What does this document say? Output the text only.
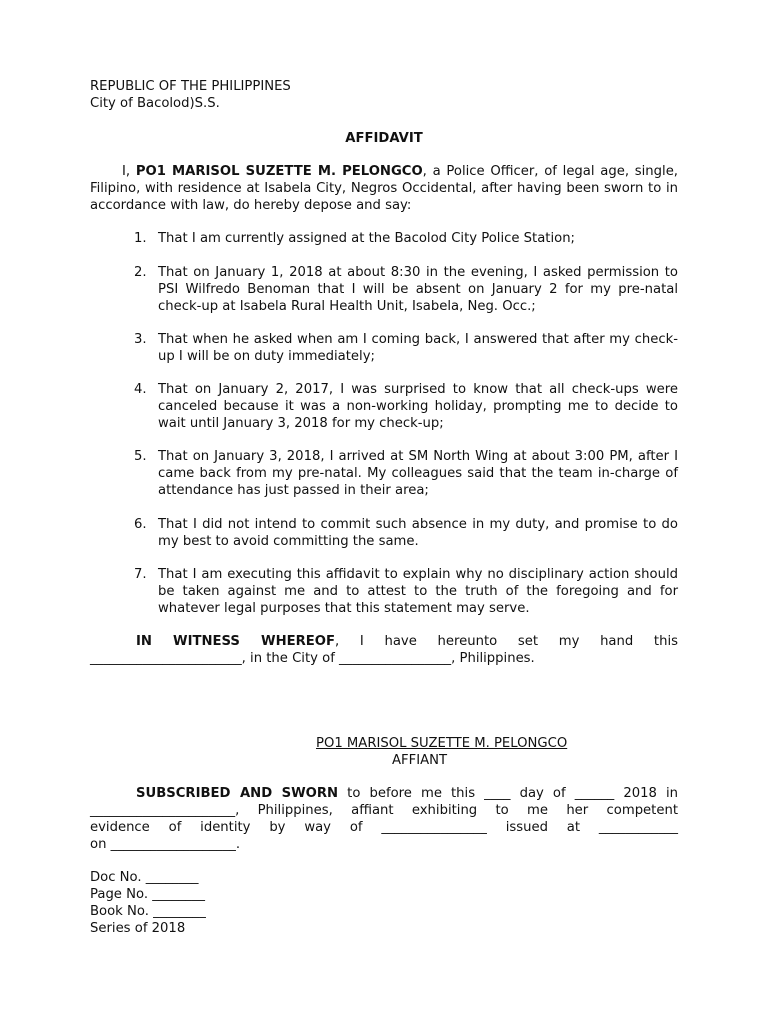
REPUBLIC OF THE PHILIPPINES
City of Bacolod)S.S.
AFFIDAVIT
I, PO1 MARISOL SUZETTE M. PELONGCO, a Police Officer, of legal age, single, Filipino, with residence at Isabela City, Negros Occidental, after having been sworn to in accordance with law, do hereby depose and say:
1. That I am currently assigned at the Bacolod City Police Station;
2. That on January 1, 2018 at about 8:30 in the evening, I asked permission to PSI Wilfredo Benoman that I will be absent on January 2 for my pre-natal check-up at Isabela Rural Health Unit, Isabela, Neg. Occ.;
3. That when he asked when am I coming back, I answered that after my check-up I will be on duty immediately;
4. That on January 2, 2017, I was surprised to know that all check-ups were canceled because it was a non-working holiday, prompting me to decide to wait until January 3, 2018 for my check-up;
5. That on January 3, 2018, I arrived at SM North Wing at about 3:00 PM, after I came back from my pre-natal. My colleagues said that the team in-charge of attendance has just passed in their area;
6. That I did not intend to commit such absence in my duty, and promise to do my best to avoid committing the same.
7. That I am executing this affidavit to explain why no disciplinary action should be taken against me and to attest to the truth of the foregoing and for whatever legal purposes that this statement may serve.
IN WITNESS WHEREOF, I have hereunto set my hand this
_______________________, in the City of _________________, Philippines.
PO1 MARISOL SUZETTE M. PELONGCO
AFFIANT
SUBSCRIBED AND SWORN to before me this ____ day of ______ 2018 in
______________________, Philippines, affiant exhibiting to me her competent
evidence of identity by way of ________________ issued at ____________
on ___________________.
Doc No. ________
Page No. ________
Book No. ________
Series of 2018
